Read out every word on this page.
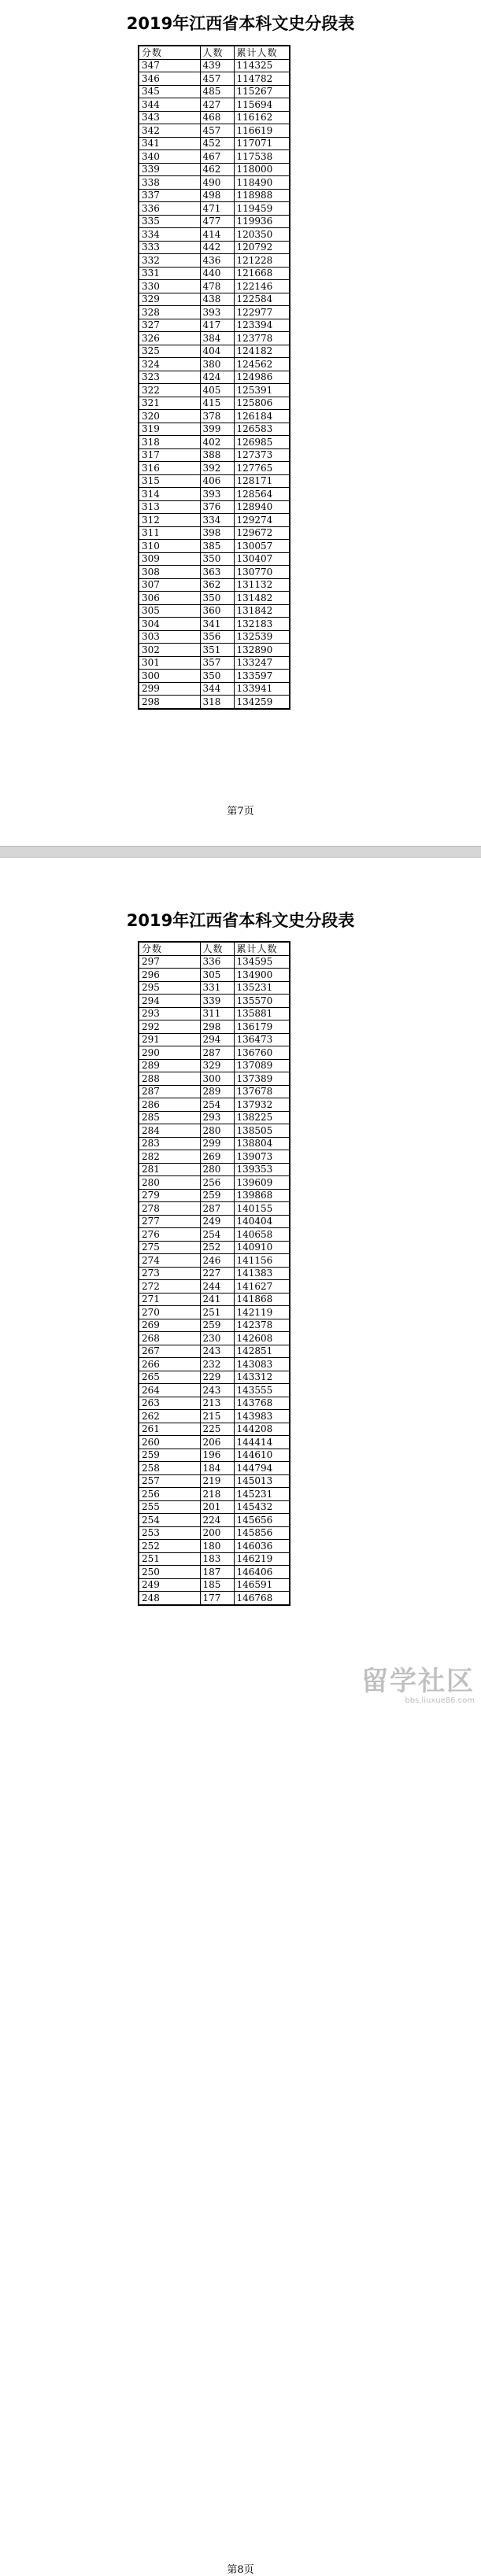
2019年江西省本科文史分段表
分数	人数	累计人数
347	439	114325
346	457	114782
345	485	115267
344	427	115694
343	468	116162
342	457	116619
341	452	117071
340	467	117538
339	462	118000
338	490	118490
337	498	118988
336	471	119459
335	477	119936
334	414	120350
333	442	120792
332	436	121228
331	440	121668
330	478	122146
329	438	122584
328	393	122977
327	417	123394
326	384	123778
325	404	124182
324	380	124562
323	424	124986
322	405	125391
321	415	125806
320	378	126184
319	399	126583
318	402	126985
317	388	127373
316	392	127765
315	406	128171
314	393	128564
313	376	128940
312	334	129274
311	398	129672
310	385	130057
309	350	130407
308	363	130770
307	362	131132
306	350	131482
305	360	131842
304	341	132183
303	356	132539
302	351	132890
301	357	133247
300	350	133597
299	344	133941
298	318	134259
第7页
2019年江西省本科文史分段表
分数	人数	累计人数
297	336	134595
296	305	134900
295	331	135231
294	339	135570
293	311	135881
292	298	136179
291	294	136473
290	287	136760
289	329	137089
288	300	137389
287	289	137678
286	254	137932
285	293	138225
284	280	138505
283	299	138804
282	269	139073
281	280	139353
280	256	139609
279	259	139868
278	287	140155
277	249	140404
276	254	140658
275	252	140910
274	246	141156
273	227	141383
272	244	141627
271	241	141868
270	251	142119
269	259	142378
268	230	142608
267	243	142851
266	232	143083
265	229	143312
264	243	143555
263	213	143768
262	215	143983
261	225	144208
260	206	144414
259	196	144610
258	184	144794
257	219	145013
256	218	145231
255	201	145432
254	224	145656
253	200	145856
252	180	146036
251	183	146219
250	187	146406
249	185	146591
248	177	146768
第8页
留学社区
bbs.liuxue86.com
